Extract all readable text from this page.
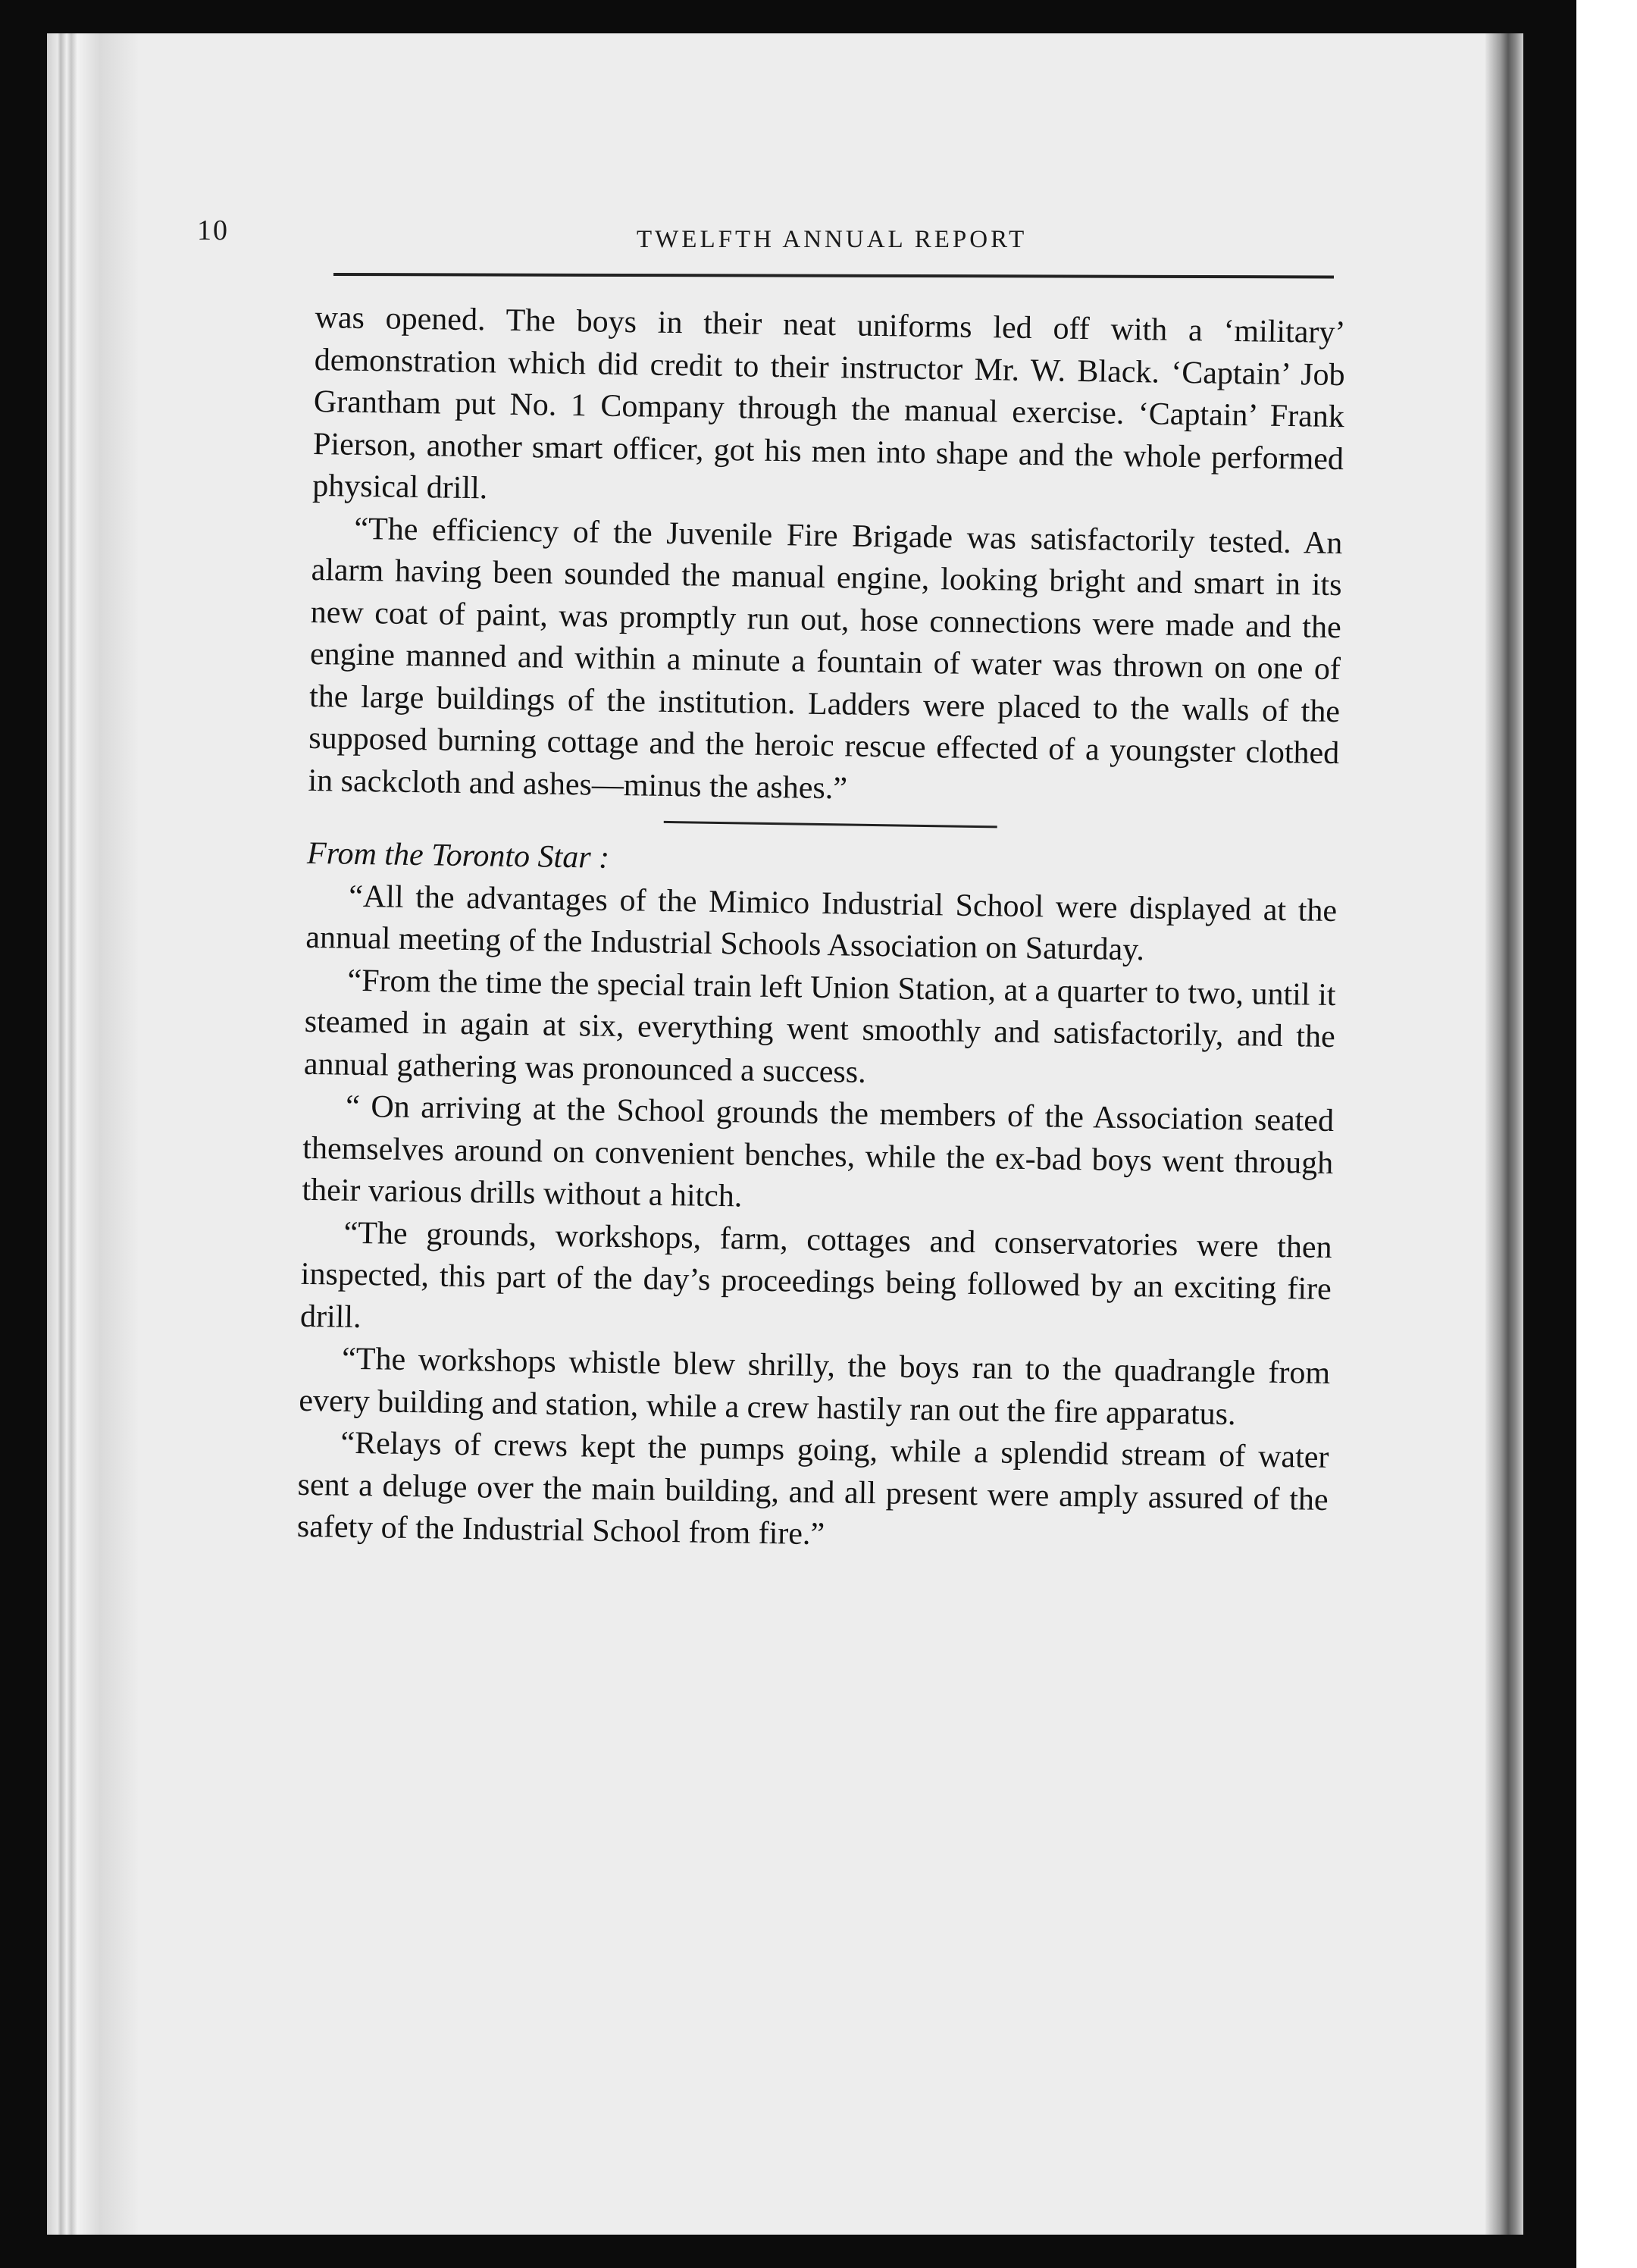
10	TWELFTH ANNUAL REPORT

was opened. The boys in their neat uniforms led off with a ‘military’ demonstration which did credit to their instructor Mr. W. Black. ‘Captain’ Job Grantham put No. 1 Company through the manual exercise. ‘Captain’ Frank Pierson, another smart officer, got his men into shape and the whole performed physical drill.

“The efficiency of the Juvenile Fire Brigade was satisfactorily tested. An alarm having been sounded the manual engine, looking bright and smart in its new coat of paint, was promptly run out, hose connections were made and the engine manned and within a minute a fountain of water was thrown on one of the large buildings of the institution. Ladders were placed to the walls of the supposed burning cottage and the heroic rescue effected of a youngster clothed in sackcloth and ashes—minus the ashes.”

From the Toronto Star :

“All the advantages of the Mimico Industrial School were displayed at the annual meeting of the Industrial Schools Association on Saturday.

“From the time the special train left Union Station, at a quarter to two, until it steamed in again at six, everything went smoothly and satisfactorily, and the annual gathering was pronounced a success.

“ On arriving at the School grounds the members of the Association seated themselves around on convenient benches, while the ex-bad boys went through their various drills without a hitch.

“The grounds, workshops, farm, cottages and conservatories were then inspected, this part of the day’s proceedings being followed by an exciting fire drill.

“The workshops whistle blew shrilly, the boys ran to the quadrangle from every building and station, while a crew hastily ran out the fire apparatus.

“Relays of crews kept the pumps going, while a splendid stream of water sent a deluge over the main building, and all present were amply assured of the safety of the Industrial School from fire.”
